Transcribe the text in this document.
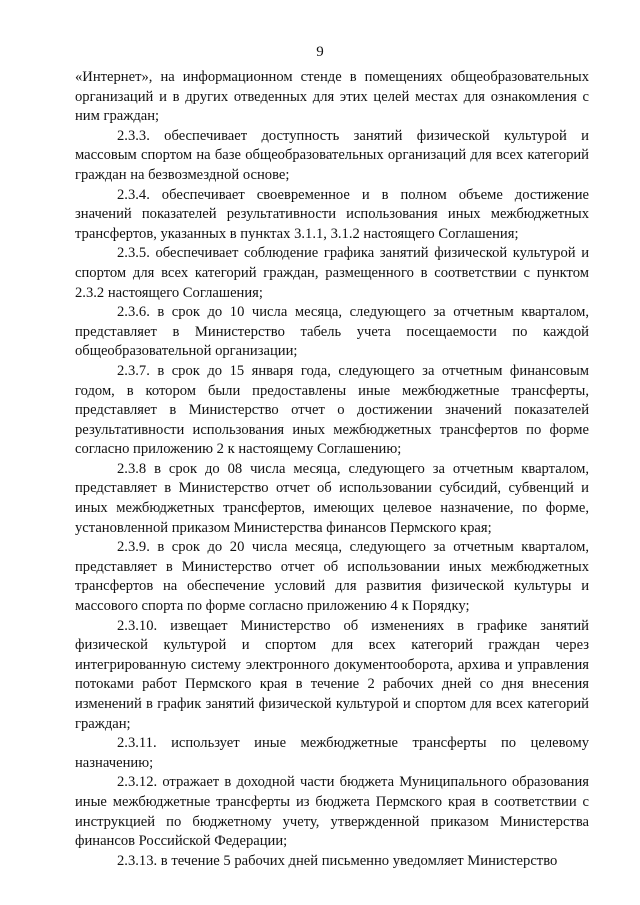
9

«Интернет», на информационном стенде в помещениях общеобразовательных организаций и в других отведенных для этих целей местах для ознакомления с ним граждан;

2.3.3. обеспечивает доступность занятий физической культурой и массовым спортом на базе общеобразовательных организаций для всех категорий граждан на безвозмездной основе;

2.3.4. обеспечивает своевременное и в полном объеме достижение значений показателей результативности использования иных межбюджетных трансфертов, указанных в пунктах 3.1.1, 3.1.2 настоящего Соглашения;

2.3.5. обеспечивает соблюдение графика занятий физической культурой и спортом для всех категорий граждан, размещенного в соответствии с пунктом 2.3.2 настоящего Соглашения;

2.3.6. в срок до 10 числа месяца, следующего за отчетным кварталом, представляет в Министерство табель учета посещаемости по каждой общеобразовательной организации;

2.3.7. в срок до 15 января года, следующего за отчетным финансовым годом, в котором были предоставлены иные межбюджетные трансферты, представляет в Министерство отчет о достижении значений показателей результативности использования иных межбюджетных трансфертов по форме согласно приложению 2 к настоящему Соглашению;

2.3.8 в срок до 08 числа месяца, следующего за отчетным кварталом, представляет в Министерство отчет об использовании субсидий, субвенций и иных межбюджетных трансфертов, имеющих целевое назначение, по форме, установленной приказом Министерства финансов Пермского края;

2.3.9. в срок до 20 числа месяца, следующего за отчетным кварталом, представляет в Министерство отчет об использовании иных межбюджетных трансфертов на обеспечение условий для развития физической культуры и массового спорта по форме согласно приложению 4 к Порядку;

2.3.10. извещает Министерство об изменениях в графике занятий физической культурой и спортом для всех категорий граждан через интегрированную систему электронного документооборота, архива и управления потоками работ Пермского края в течение 2 рабочих дней со дня внесения изменений в график занятий физической культурой и спортом для всех категорий граждан;

2.3.11. использует иные межбюджетные трансферты по целевому назначению;

2.3.12. отражает в доходной части бюджета Муниципального образования иные межбюджетные трансферты из бюджета Пермского края в соответствии с инструкцией по бюджетному учету, утвержденной приказом Министерства финансов Российской Федерации;

2.3.13. в течение 5 рабочих дней письменно уведомляет Министерство
